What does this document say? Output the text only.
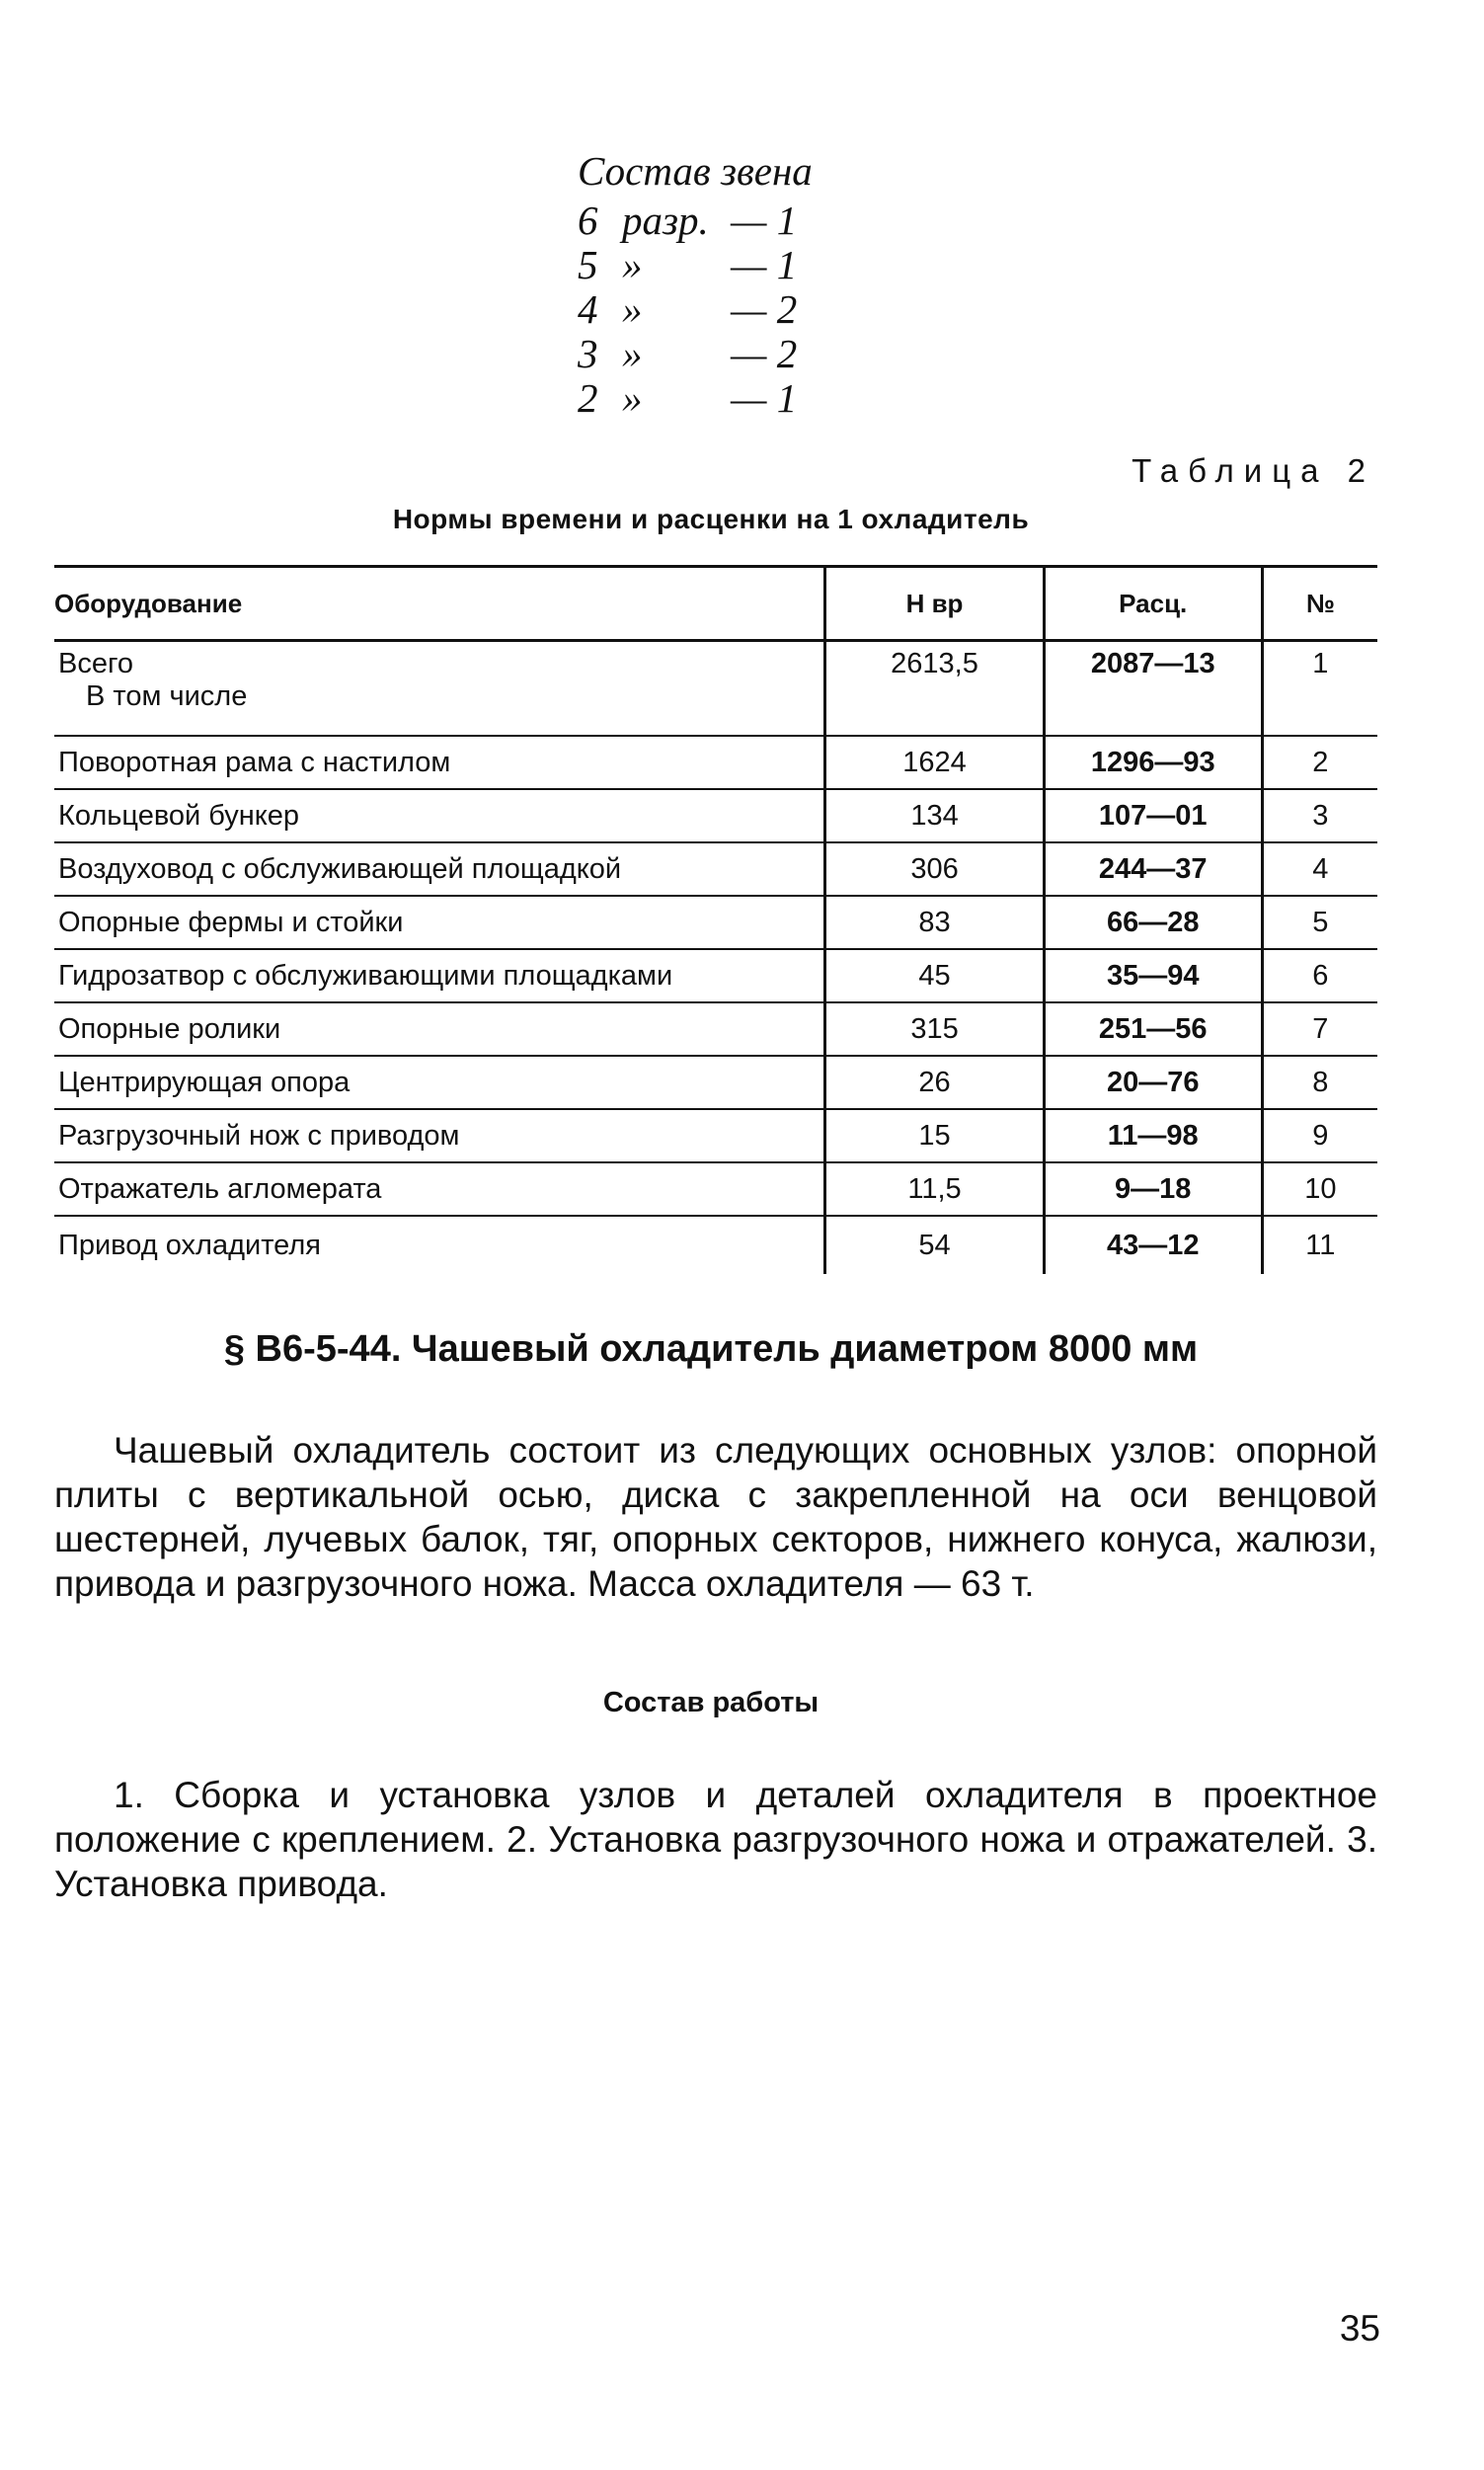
Состав звена
6 разр. — 1
5 »	— 1
4 »	— 2
3 »	— 2
2 »	— 1
Таблица 2
Нормы времени и расценки на 1 охладитель
Оборудование	Н вр	Расц.	№
Всего
В том числе	2613,5	2087—13	1
Поворотная рама с настилом	1624	1296—93	2
Кольцевой бункер	134	107—01	3
Воздуховод с обслуживающей площадкой	306	244—37	4
Опорные фермы и стойки	83	66—28	5
Гидрозатвор с обслуживающими площадками	45	35—94	6
Опорные ролики	315	251—56	7
Центрирующая опора	26	20—76	8
Разгрузочный нож с приводом	15	11—98	9
Отражатель агломерата	11,5	9—18	10
Привод охладителя	54	43—12	11
§ В6-5-44. Чашевый охладитель диаметром 8000 мм

Чашевый охладитель состоит из следующих основных узлов: опорной плиты с вертикальной осью, диска с закрепленной на оси венцовой шестерней, лучевых балок, тяг, опорных секторов, нижнего конуса, жалюзи, привода и разгрузочного ножа. Масса охладителя — 63 т.

Состав работы

1. Сборка и установка узлов и деталей охладителя в проектное положение с креплением. 2. Установка разгрузочного ножа и отражателей. 3. Установка привода.

35
